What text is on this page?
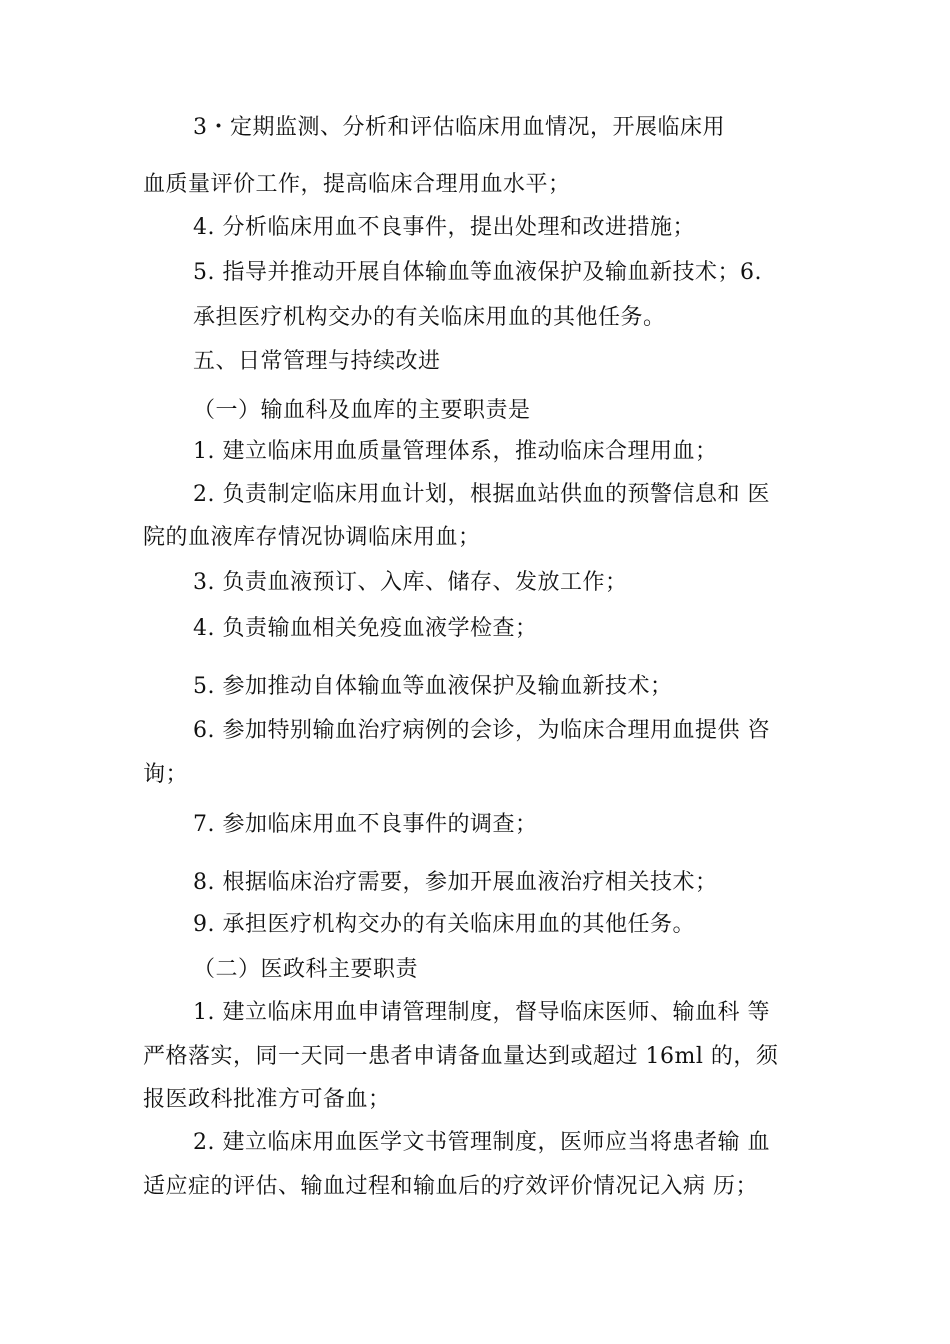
3・定期监测、分析和评估临床用血情况，开展临床用
血质量评价工作，提高临床合理用血水平；
4. 分析临床用血不良事件，提出处理和改进措施；
5. 指导并推动开展自体输血等血液保护及输血新技术；6.
承担医疗机构交办的有关临床用血的其他任务。
五、日常管理与持续改进
（一）输血科及血库的主要职责是
1. 建立临床用血质量管理体系，推动临床合理用血；
2. 负责制定临床用血计划，根据血站供血的预警信息和 医
院的血液库存情况协调临床用血；
3. 负责血液预订、入库、储存、发放工作；
4. 负责输血相关免疫血液学检查；
5. 参加推动自体输血等血液保护及输血新技术；
6. 参加特别输血治疗病例的会诊，为临床合理用血提供 咨
询；
7. 参加临床用血不良事件的调查；
8. 根据临床治疗需要，参加开展血液治疗相关技术；
9. 承担医疗机构交办的有关临床用血的其他任务。
（二）医政科主要职责
1. 建立临床用血申请管理制度，督导临床医师、输血科 等
严格落实，同一天同一患者申请备血量达到或超过 16ml 的，须
报医政科批准方可备血；
2. 建立临床用血医学文书管理制度，医师应当将患者输 血
适应症的评估、输血过程和输血后的疗效评价情况记入病 历；
